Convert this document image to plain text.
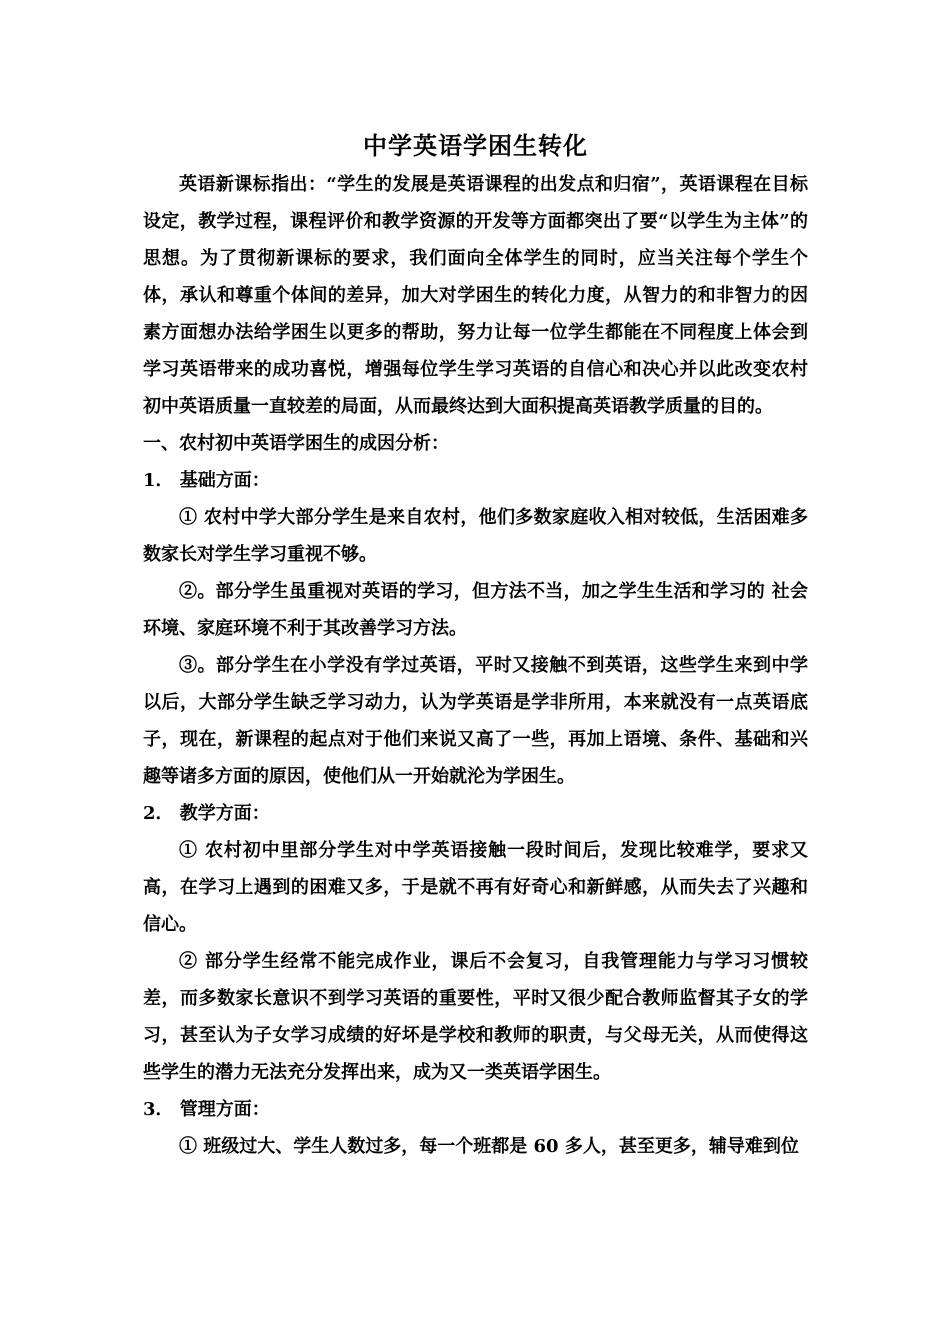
中学英语学困生转化

英语新课标指出：“学生的发展是英语课程的出发点和归宿”，英语课程在目标设定，教学过程，课程评价和教学资源的开发等方面都突出了要“以学生为主体”的思想。为了贯彻新课标的要求，我们面向全体学生的同时，应当关注每个学生个体，承认和尊重个体间的差异，加大对学困生的转化力度，从智力的和非智力的因素方面想办法给学困生以更多的帮助，努力让每一位学生都能在不同程度上体会到学习英语带来的成功喜悦，增强每位学生学习英语的自信心和决心并以此改变农村初中英语质量一直较差的局面，从而最终达到大面积提高英语教学质量的目的。

一、农村初中英语学困生的成因分析：

1． 基础方面：

① 农村中学大部分学生是来自农村，他们多数家庭收入相对较低，生活困难多数家长对学生学习重视不够。

②。部分学生虽重视对英语的学习，但方法不当，加之学生生活和学习的 社会 环境、家庭环境不利于其改善学习方法。

③。部分学生在小学没有学过英语，平时又接触不到英语，这些学生来到中学以后，大部分学生缺乏学习动力，认为学英语是学非所用，本来就没有一点英语底子，现在，新课程的起点对于他们来说又高了一些，再加上语境、条件、基础和兴趣等诸多方面的原因，使他们从一开始就沦为学困生。

2． 教学方面：

① 农村初中里部分学生对中学英语接触一段时间后，发现比较难学，要求又高，在学习上遇到的困难又多，于是就不再有好奇心和新鲜感，从而失去了兴趣和信心。

② 部分学生经常不能完成作业，课后不会复习，自我管理能力与学习习惯较差，而多数家长意识不到学习英语的重要性，平时又很少配合教师监督其子女的学习，甚至认为子女学习成绩的好坏是学校和教师的职责，与父母无关，从而使得这些学生的潜力无法充分发挥出来，成为又一类英语学困生。

3． 管理方面：

① 班级过大、学生人数过多，每一个班都是 60 多人，甚至更多，辅导难到位
